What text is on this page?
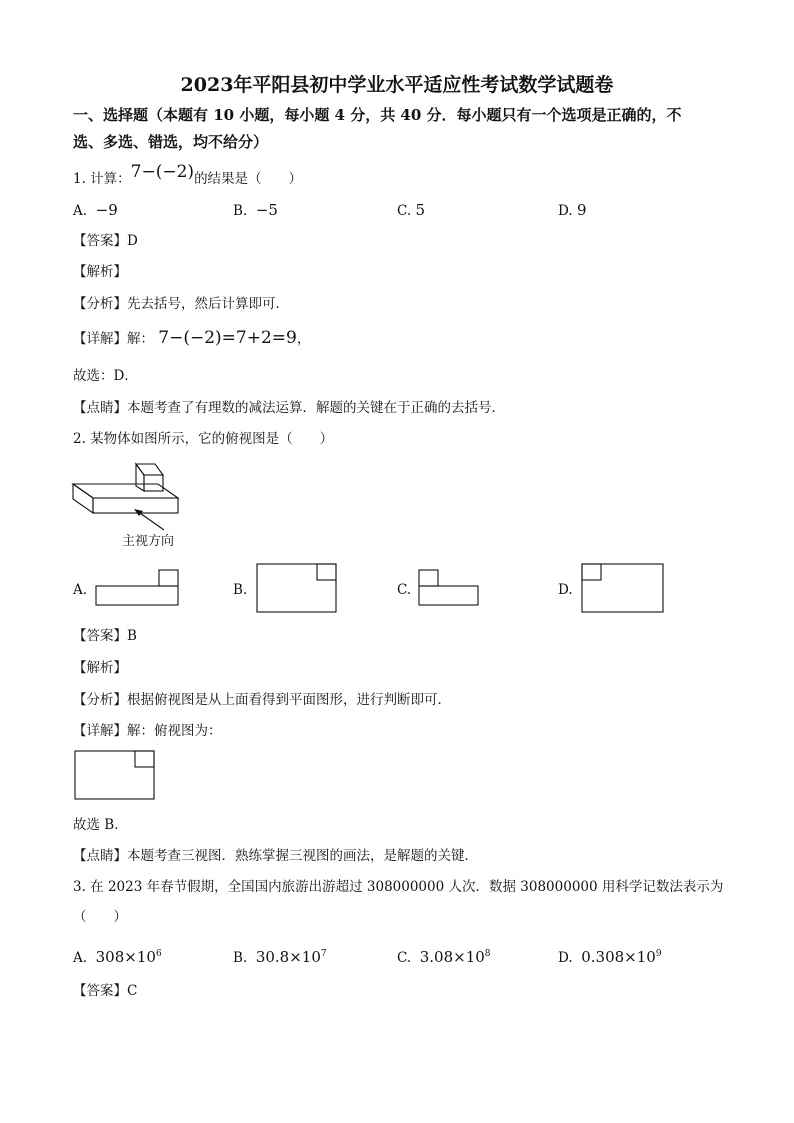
2023年平阳县初中学业水平适应性考试数学试题卷
一、选择题（本题有 10 小题，每小题 4 分，共 40 分．每小题只有一个选项是正确的，不
选、多选、错选，均不给分）
1. 计算：7−(−2)的结果是（　　）
A. −9	B. −5	C. 5	D. 9
【答案】D
【解析】
【分析】先去括号，然后计算即可．
【详解】解： 7−(−2)=7+2=9，
故选：D．
【点睛】本题考查了有理数的减法运算．解题的关键在于正确的去括号．
2. 某物体如图所示，它的俯视图是（　　）
主视方向
A.	B.	C.	D.
【答案】B
【解析】
【分析】根据俯视图是从上面看得到平面图形，进行判断即可．
【详解】解：俯视图为：
故选 B．
【点睛】本题考查三视图．熟练掌握三视图的画法，是解题的关键．
3. 在 2023 年春节假期，全国国内旅游出游超过 308000000 人次．数据 308000000 用科学记数法表示为
（　　）
A. $308\times 10^6$	B. $30.8\times 10^7$	C. $3.08\times 10^8$	D. $0.308\times 10^9$
【答案】C
